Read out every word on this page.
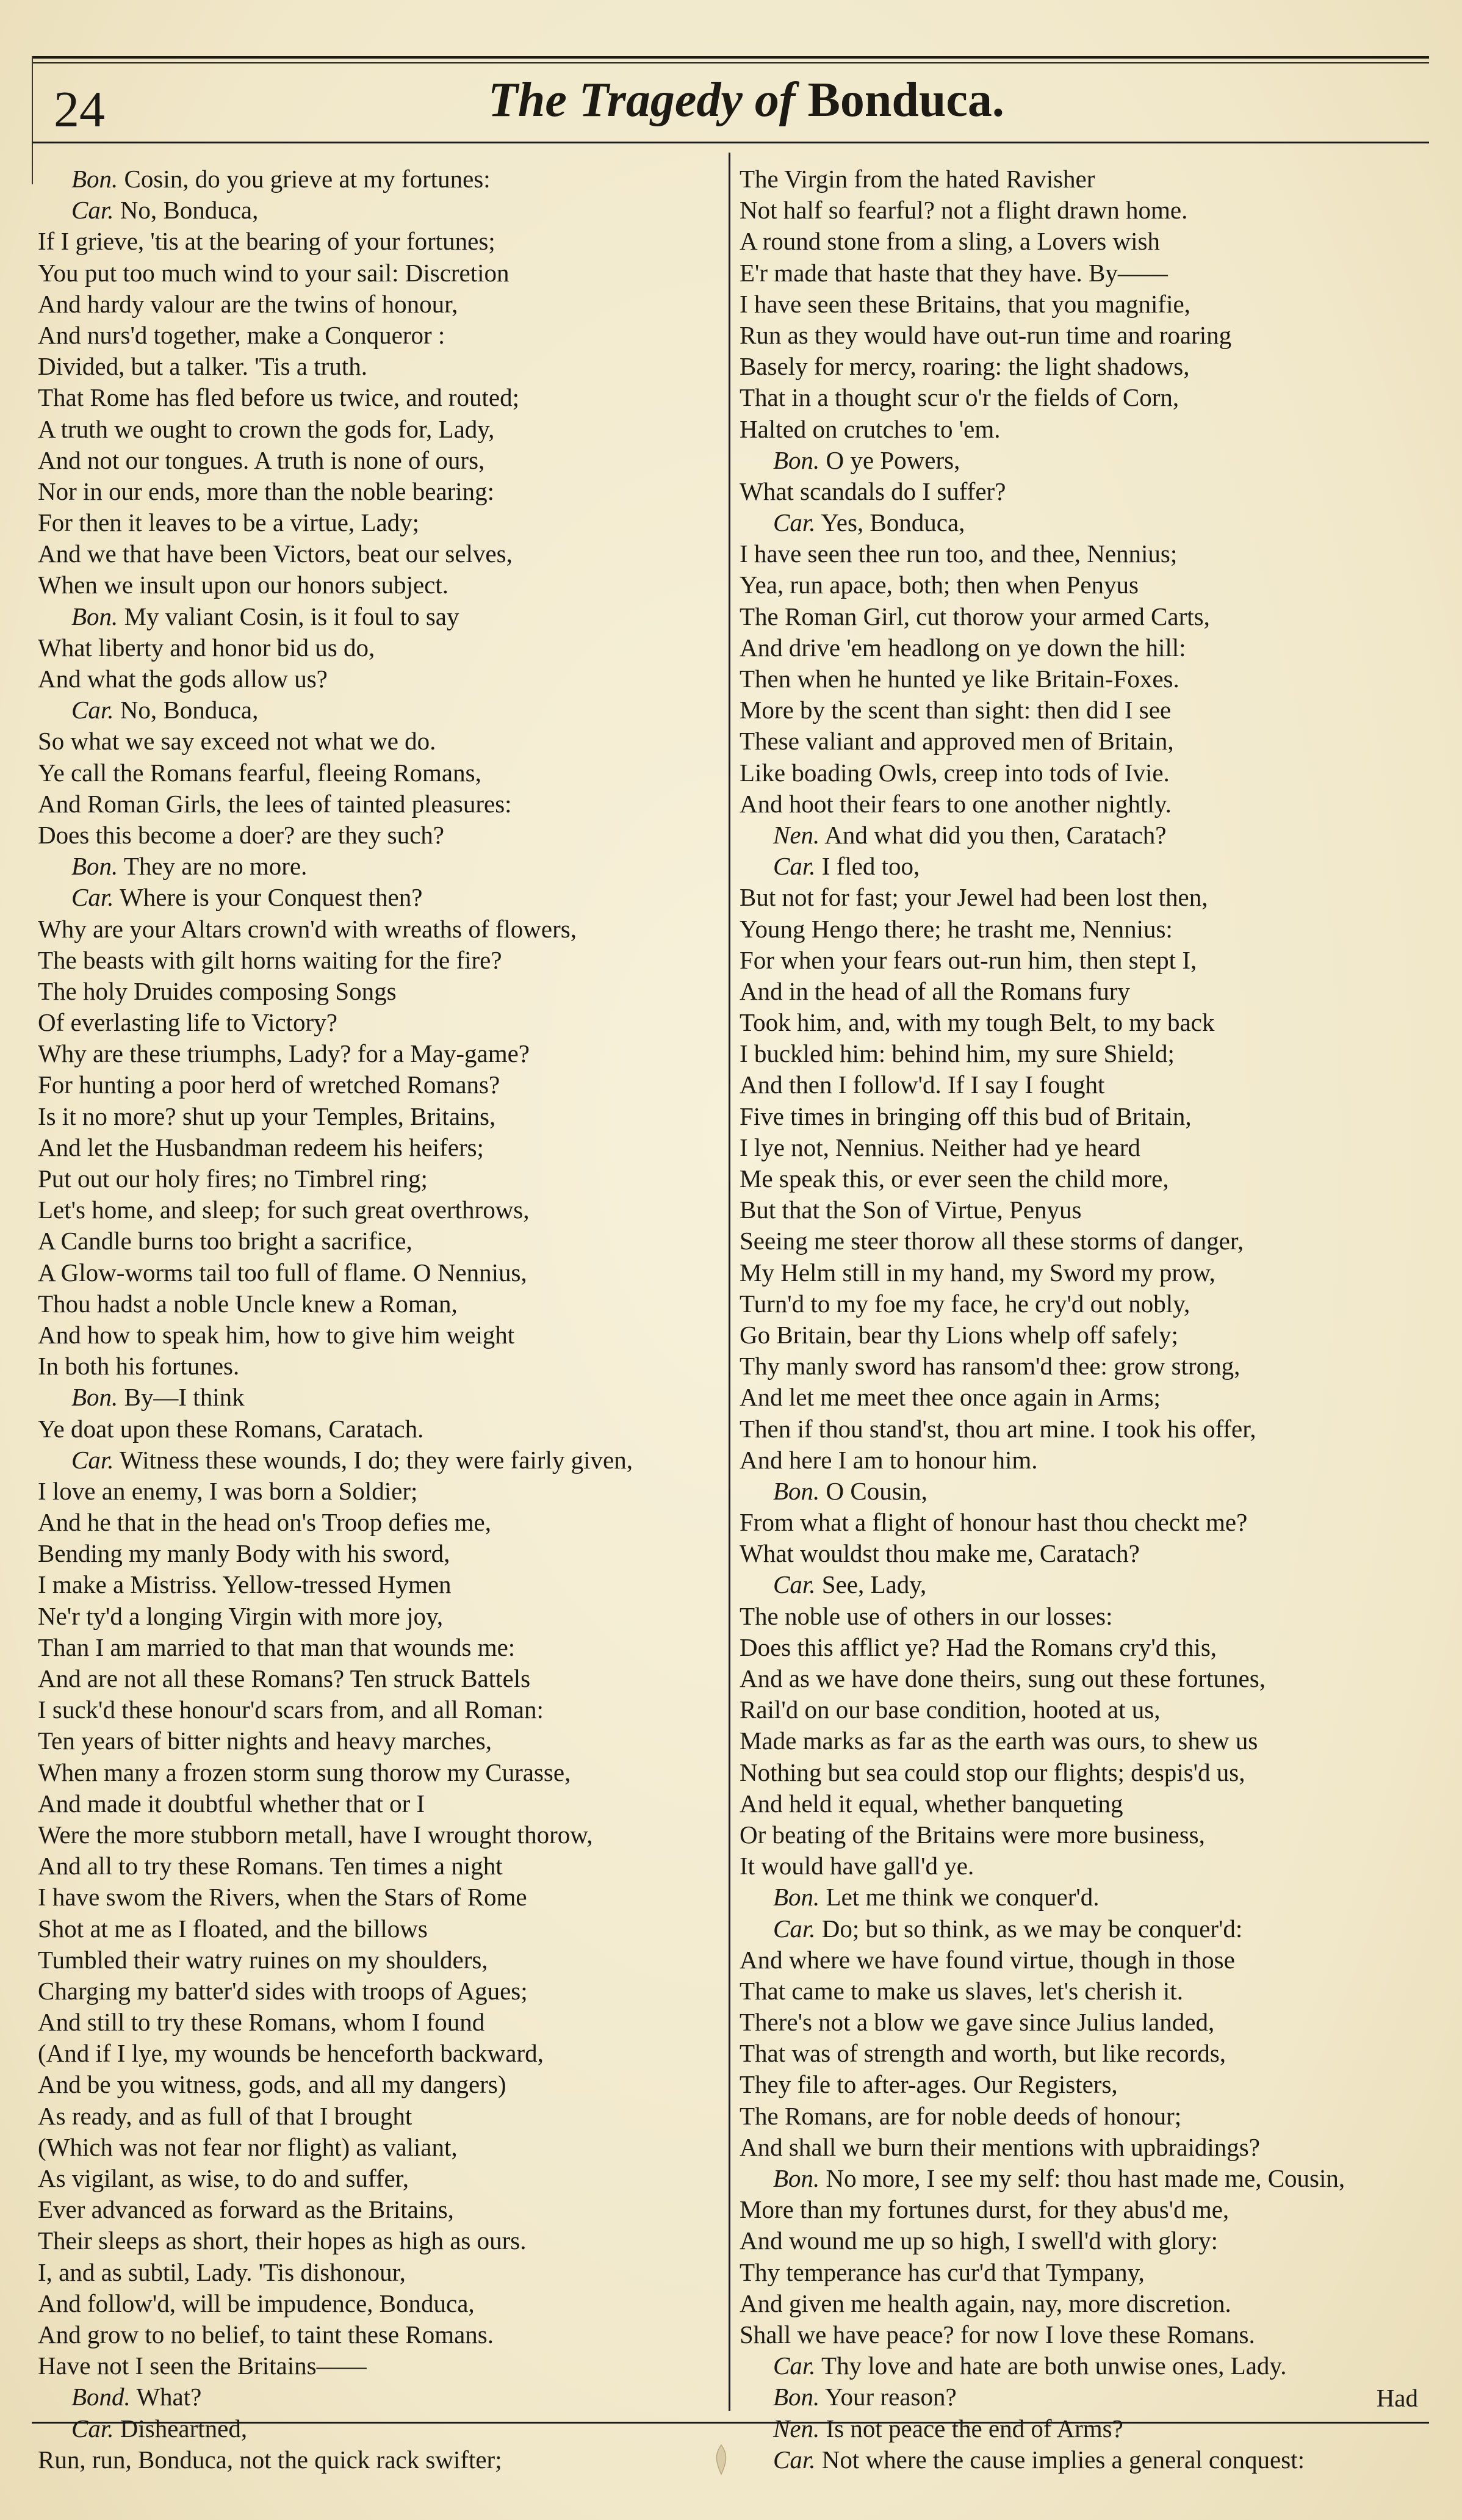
24	The Tragedy of Bonduca.
Bon. Cosin, do you grieve at my fortunes:
Car. No, Bonduca,
If I grieve, 'tis at the bearing of your fortunes;
You put too much wind to your sail: Discretion
And hardy valour are the twins of honour,
And nurs'd together, make a Conqueror :
Divided, but a talker. 'Tis a truth.
That Rome has fled before us twice, and routed;
A truth we ought to crown the gods for, Lady,
And not our tongues. A truth is none of ours,
Nor in our ends, more than the noble bearing:
For then it leaves to be a virtue, Lady;
And we that have been Victors, beat our selves,
When we insult upon our honors subject.
Bon. My valiant Cosin, is it foul to say
What liberty and honor bid us do,
And what the gods allow us?
Car. No, Bonduca,
So what we say exceed not what we do.
Ye call the Romans fearful, fleeing Romans,
And Roman Girls, the lees of tainted pleasures:
Does this become a doer? are they such?
Bon. They are no more.
Car. Where is your Conquest then?
Why are your Altars crown'd with wreaths of flowers,
The beasts with gilt horns waiting for the fire?
The holy Druides composing Songs
Of everlasting life to Victory?
Why are these triumphs, Lady? for a May-game?
For hunting a poor herd of wretched Romans?
Is it no more? shut up your Temples, Britains,
And let the Husbandman redeem his heifers;
Put out our holy fires; no Timbrel ring;
Let's home, and sleep; for such great overthrows,
A Candle burns too bright a sacrifice,
A Glow-worms tail too full of flame. O Nennius,
Thou hadst a noble Uncle knew a Roman,
And how to speak him, how to give him weight
In both his fortunes.
Bon. By—I think
Ye doat upon these Romans, Caratach.
Car. Witness these wounds, I do; they were fairly given,
I love an enemy, I was born a Soldier;
And he that in the head on's Troop defies me,
Bending my manly Body with his sword,
I make a Mistriss. Yellow-tressed Hymen
Ne'r ty'd a longing Virgin with more joy,
Than I am married to that man that wounds me:
And are not all these Romans? Ten struck Battels
I suck'd these honour'd scars from, and all Roman:
Ten years of bitter nights and heavy marches,
When many a frozen storm sung thorow my Curasse,
And made it doubtful whether that or I
Were the more stubborn metall, have I wrought thorow,
And all to try these Romans. Ten times a night
I have swom the Rivers, when the Stars of Rome
Shot at me as I floated, and the billows
Tumbled their watry ruines on my shoulders,
Charging my batter'd sides with troops of Agues;
And still to try these Romans, whom I found
(And if I lye, my wounds be henceforth backward,
And be you witness, gods, and all my dangers)
As ready, and as full of that I brought
(Which was not fear nor flight) as valiant,
As vigilant, as wise, to do and suffer,
Ever advanced as forward as the Britains,
Their sleeps as short, their hopes as high as ours.
I, and as subtil, Lady. 'Tis dishonour,
And follow'd, will be impudence, Bonduca,
And grow to no belief, to taint these Romans.
Have not I seen the Britains——
Bond. What?
Car. Disheartned,
Run, run, Bonduca, not the quick rack swifter;
The Virgin from the hated Ravisher
Not half so fearful? not a flight drawn home.
A round stone from a sling, a Lovers wish
E'r made that haste that they have. By——
I have seen these Britains, that you magnifie,
Run as they would have out-run time and roaring
Basely for mercy, roaring: the light shadows,
That in a thought scur o'r the fields of Corn,
Halted on crutches to 'em.
Bon. O ye Powers,
What scandals do I suffer?
Car. Yes, Bonduca,
I have seen thee run too, and thee, Nennius;
Yea, run apace, both; then when Penyus
The Roman Girl, cut thorow your armed Carts,
And drive 'em headlong on ye down the hill:
Then when he hunted ye like Britain-Foxes.
More by the scent than sight: then did I see
These valiant and approved men of Britain,
Like boading Owls, creep into tods of Ivie.
And hoot their fears to one another nightly.
Nen. And what did you then, Caratach?
Car. I fled too,
But not for fast; your Jewel had been lost then,
Young Hengo there; he trasht me, Nennius:
For when your fears out-run him, then stept I,
And in the head of all the Romans fury
Took him, and, with my tough Belt, to my back
I buckled him: behind him, my sure Shield;
And then I follow'd. If I say I fought
Five times in bringing off this bud of Britain,
I lye not, Nennius. Neither had ye heard
Me speak this, or ever seen the child more,
But that the Son of Virtue, Penyus
Seeing me steer thorow all these storms of danger,
My Helm still in my hand, my Sword my prow,
Turn'd to my foe my face, he cry'd out nobly,
Go Britain, bear thy Lions whelp off safely;
Thy manly sword has ransom'd thee: grow strong,
And let me meet thee once again in Arms;
Then if thou stand'st, thou art mine. I took his offer,
And here I am to honour him.
Bon. O Cousin,
From what a flight of honour hast thou checkt me?
What wouldst thou make me, Caratach?
Car. See, Lady,
The noble use of others in our losses:
Does this afflict ye? Had the Romans cry'd this,
And as we have done theirs, sung out these fortunes,
Rail'd on our base condition, hooted at us,
Made marks as far as the earth was ours, to shew us
Nothing but sea could stop our flights; despis'd us,
And held it equal, whether banqueting
Or beating of the Britains were more business,
It would have gall'd ye.
Bon. Let me think we conquer'd.
Car. Do; but so think, as we may be conquer'd:
And where we have found virtue, though in those
That came to make us slaves, let's cherish it.
There's not a blow we gave since Julius landed,
That was of strength and worth, but like records,
They file to after-ages. Our Registers,
The Romans, are for noble deeds of honour;
And shall we burn their mentions with upbraidings?
Bon. No more, I see my self: thou hast made me, Cousin,
More than my fortunes durst, for they abus'd me,
And wound me up so high, I swell'd with glory:
Thy temperance has cur'd that Tympany,
And given me health again, nay, more discretion.
Shall we have peace? for now I love these Romans.
Car. Thy love and hate are both unwise ones, Lady.
Bon. Your reason?
Nen. Is not peace the end of Arms?
Car. Not where the cause implies a general conquest:
Had
